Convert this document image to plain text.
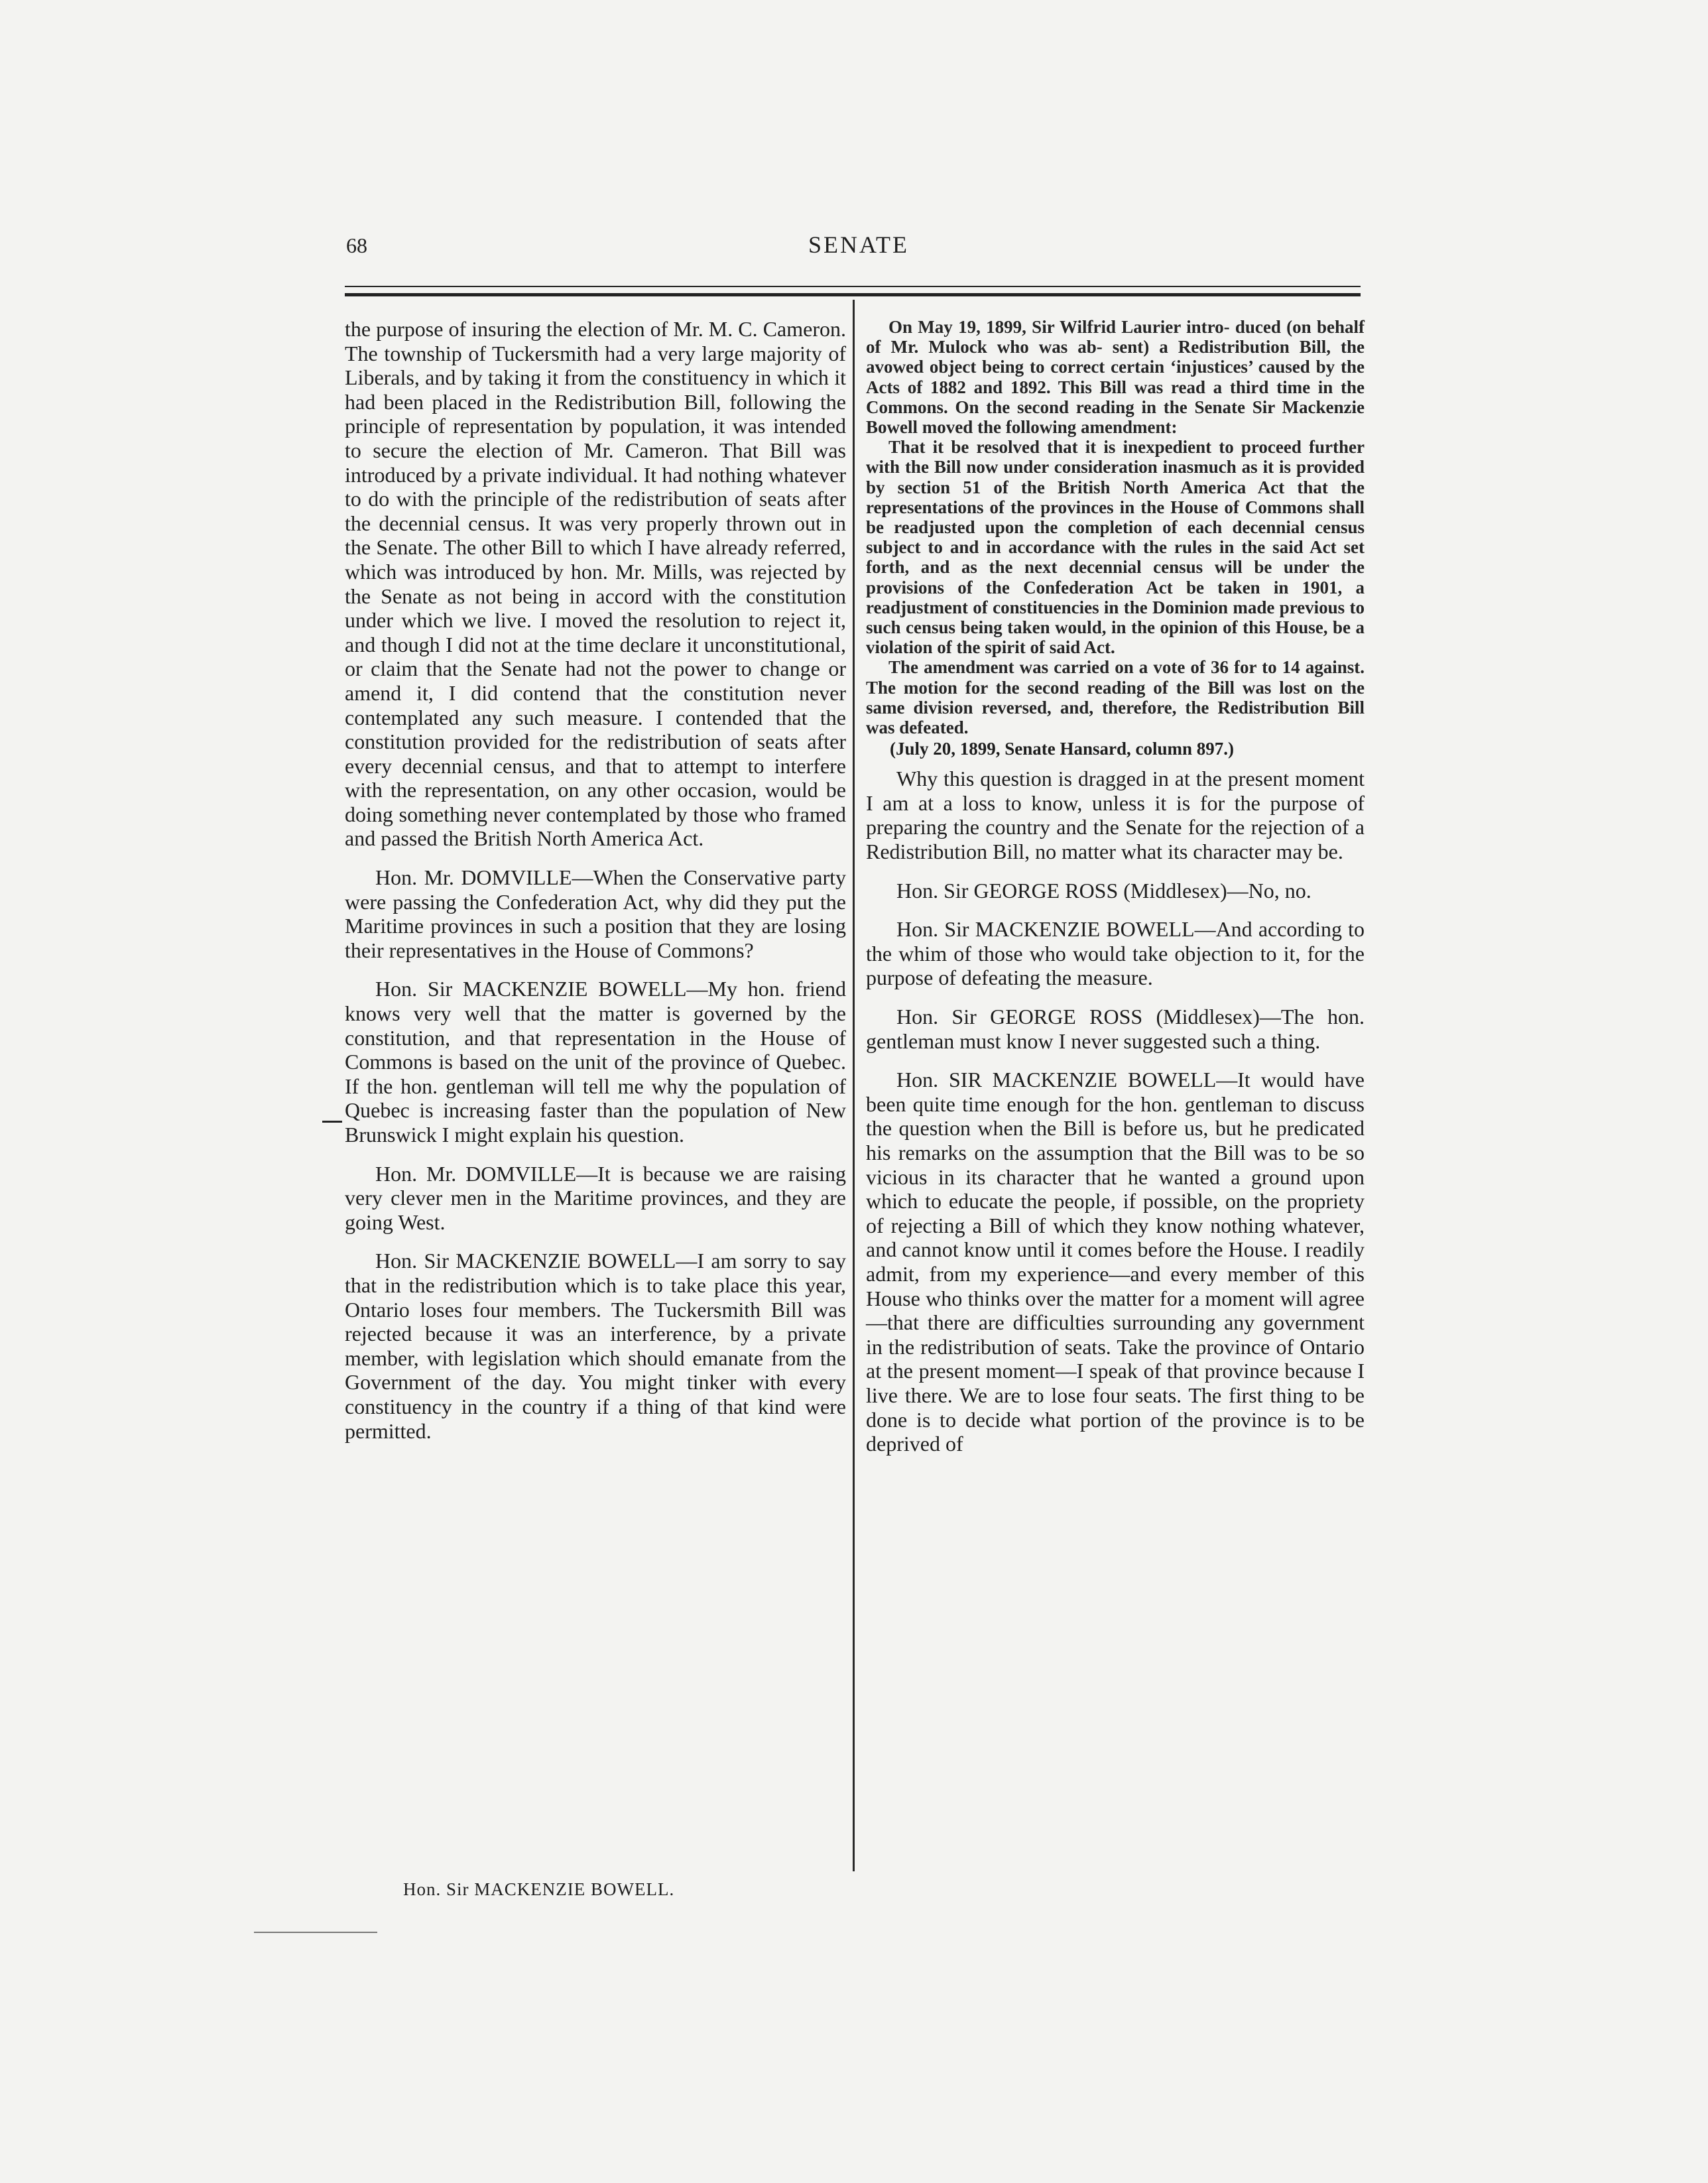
68	SENATE

the purpose of insuring the election of Mr. M. C. Cameron. The township of Tuckersmith had a very large majority of Liberals, and by taking it from the constituency in which it had been placed in the Redistribution Bill, following the principle of representation by population, it was intended to secure the election of Mr. Cameron. That Bill was introduced by a private individual. It had nothing whatever to do with the principle of the redistribution of seats after the decennial census. It was very properly thrown out in the Senate. The other Bill to which I have already referred, which was introduced by hon. Mr. Mills, was rejected by the Senate as not being in accord with the constitution under which we live. I moved the resolution to reject it, and though I did not at the time declare it unconstitutional, or claim that the Senate had not the power to change or amend it, I did contend that the constitution never contemplated any such measure. I contended that the constitution provided for the redistribution of seats after every decennial census, and that to attempt to interfere with the representation, on any other occasion, would be doing something never contemplated by those who framed and passed the British North America Act.

Hon. Mr. DOMVILLE—When the Conservative party were passing the Confederation Act, why did they put the Maritime provinces in such a position that they are losing their representatives in the House of Commons?

Hon. Sir MACKENZIE BOWELL—My hon. friend knows very well that the matter is governed by the constitution, and that representation in the House of Commons is based on the unit of the province of Quebec. If the hon. gentleman will tell me why the population of Quebec is increasing faster than the population of New Brunswick I might explain his question.

Hon. Mr. DOMVILLE—It is because we are raising very clever men in the Maritime provinces, and they are going West.

Hon. Sir MACKENZIE BOWELL—I am sorry to say that in the redistribution which is to take place this year, Ontario loses four members. The Tuckersmith Bill was rejected because it was an interference, by a private member, with legislation which should emanate from the Government of the day. You might tinker with every constituency in the country if a thing of that kind were permitted.

On May 19, 1899, Sir Wilfrid Laurier intro- duced (on behalf of Mr. Mulock who was ab- sent) a Redistribution Bill, the avowed object being to correct certain ‘injustices’ caused by the Acts of 1882 and 1892. This Bill was read a third time in the Commons. On the second reading in the Senate Sir Mackenzie Bowell moved the following amendment:

That it be resolved that it is inexpedient to proceed further with the Bill now under consideration inasmuch as it is provided by section 51 of the British North America Act that the representations of the provinces in the House of Commons shall be readjusted upon the completion of each decennial census subject to and in accordance with the rules in the said Act set forth, and as the next decennial census will be under the provisions of the Confederation Act be taken in 1901, a readjustment of constituencies in the Dominion made previous to such census being taken would, in the opinion of this House, be a violation of the spirit of said Act.

The amendment was carried on a vote of 36 for to 14 against. The motion for the second reading of the Bill was lost on the same division reversed, and, therefore, the Redistribution Bill was defeated.

(July 20, 1899, Senate Hansard, column 897.)

Why this question is dragged in at the present moment I am at a loss to know, unless it is for the purpose of preparing the country and the Senate for the rejection of a Redistribution Bill, no matter what its character may be.

Hon. Sir GEORGE ROSS (Middlesex)—No, no.

Hon. Sir MACKENZIE BOWELL—And according to the whim of those who would take objection to it, for the purpose of defeating the measure.

Hon. Sir GEORGE ROSS (Middlesex)—The hon. gentleman must know I never suggested such a thing.

Hon. SIR MACKENZIE BOWELL—It would have been quite time enough for the hon. gentleman to discuss the question when the Bill is before us, but he predicated his remarks on the assumption that the Bill was to be so vicious in its character that he wanted a ground upon which to educate the people, if possible, on the propriety of rejecting a Bill of which they know nothing whatever, and cannot know until it comes before the House. I readily admit, from my experience—and every member of this House who thinks over the matter for a moment will agree—that there are difficulties surrounding any government in the redistribution of seats. Take the province of Ontario at the present moment—I speak of that province because I live there. We are to lose four seats. The first thing to be done is to decide what portion of the province is to be deprived of

Hon. Sir MACKENZIE BOWELL.
